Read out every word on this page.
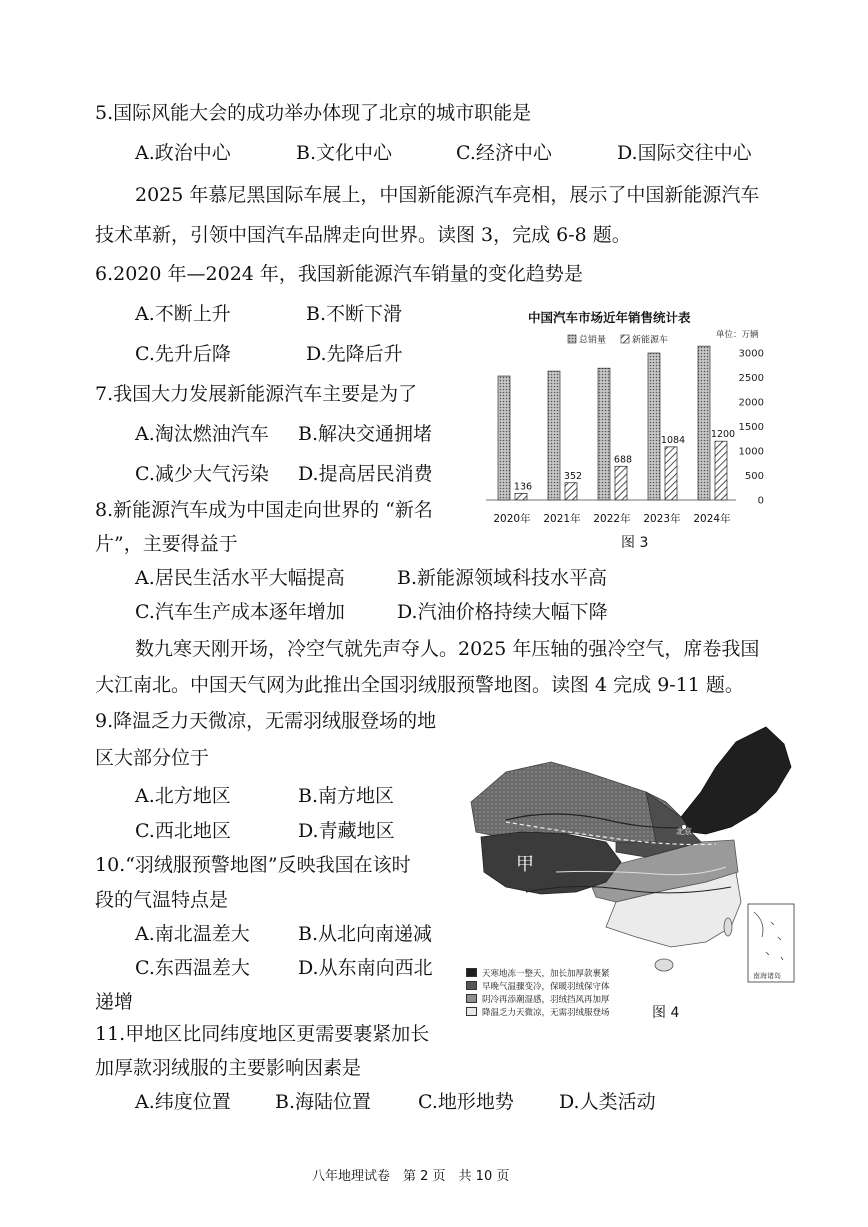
5.国际风能大会的成功举办体现了北京的城市职能是
A.政治中心	B.文化中心	C.经济中心	D.国际交往中心
2025 年慕尼黑国际车展上，中国新能源汽车亮相，展示了中国新能源汽车
技术革新，引领中国汽车品牌走向世界。读图 3，完成 6-8 题。
6.2020 年—2024 年，我国新能源汽车销量的变化趋势是
A.不断上升	B.不断下滑
C.先升后降	D.先降后升
7.我国大力发展新能源汽车主要是为了
A.淘汰燃油汽车 B.解决交通拥堵
C.减少大气污染 D.提高居民消费
8.新能源汽车成为中国走向世界的 “新名
片”，主要得益于
A.居民生活水平大幅提高	B.新能源领域科技水平高
C.汽车生产成本逐年增加	D.汽油价格持续大幅下降
数九寒天刚开场，冷空气就先声夺人。2025 年压轴的强冷空气，席卷我国
大江南北。中国天气网为此推出全国羽绒服预警地图。读图 4 完成 9-11 题。
9.降温乏力天微凉，无需羽绒服登场的地
区大部分位于
A.北方地区	B.南方地区
C.西北地区	D.青藏地区
10.“羽绒服预警地图”反映我国在该时
段的气温特点是
A.南北温差大	B.从北向南递减
C.东西温差大	D.从东南向西北
递增
11.甲地区比同纬度地区更需要裹紧加长
加厚款羽绒服的主要影响因素是
A.纬度位置 B.海陆位置 C.地形地势 D.人类活动
中国汽车市场近年销售统计表
总销量	新能源车
单位：万辆
136
352
688
1084
1200
0
500
1000
1500
2000
2500
3000
2020年 2021年 2022年 2023年 2024年
图 3
北京
甲
南海诸岛
天寒地冻一整天，加长加厚款裹紧
早晚气温骤变冷，保暖羽绒保守体
阴冷再添潮湿感，羽绒挡风再加厚
降温乏力天微凉，无需羽绒服登场	图 4
八年地理试卷　第 2 页　共 10 页
